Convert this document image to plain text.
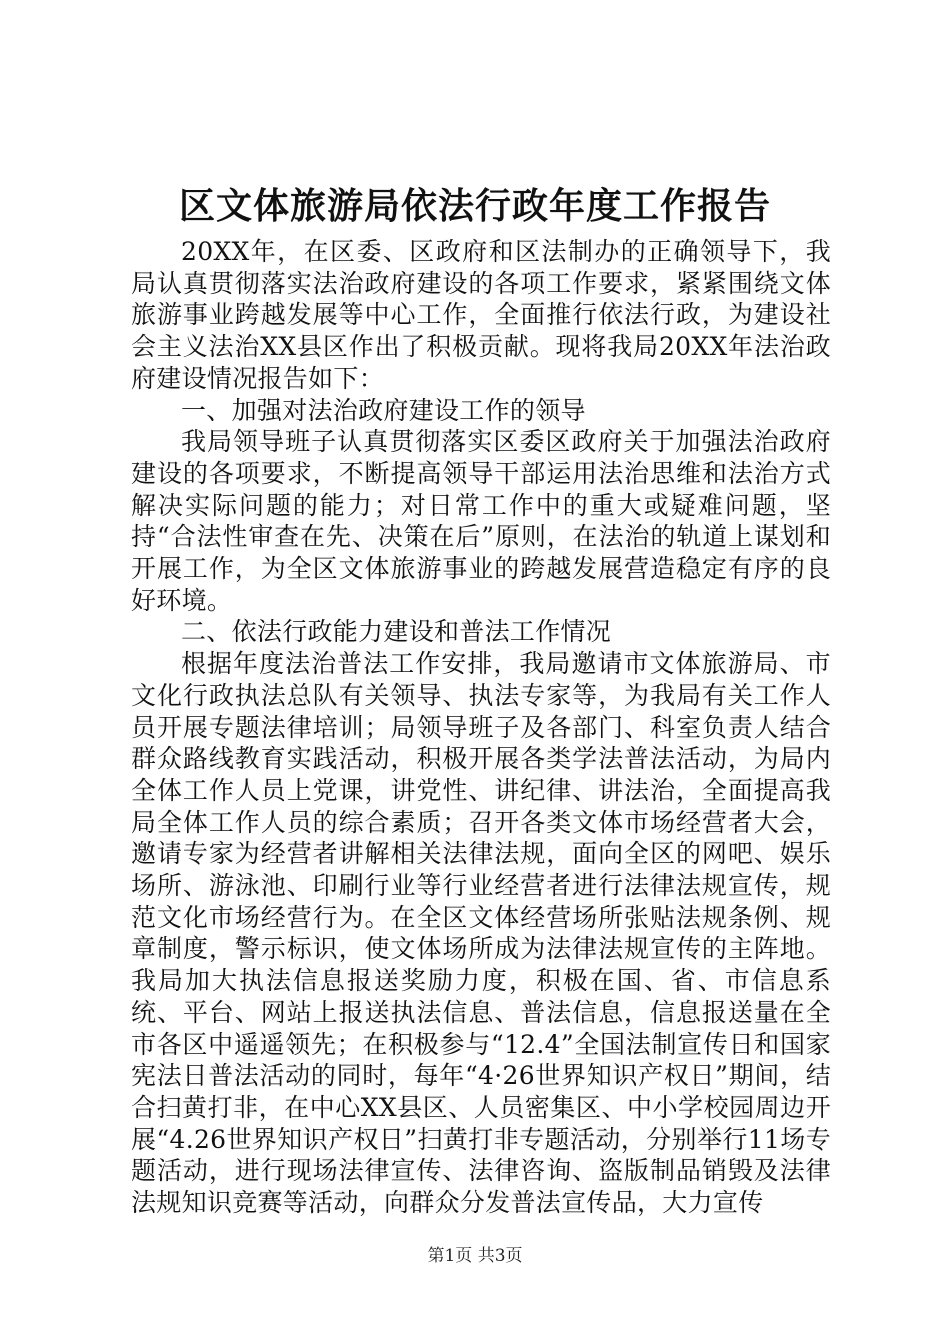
区文体旅游局依法行政年度工作报告

20XX年，在区委、区政府和区法制办的正确领导下，我局认真贯彻落实法治政府建设的各项工作要求，紧紧围绕文体旅游事业跨越发展等中心工作，全面推行依法行政，为建设社会主义法治XX县区作出了积极贡献。现将我局20XX年法治政府建设情况报告如下：

一、加强对法治政府建设工作的领导

我局领导班子认真贯彻落实区委区政府关于加强法治政府建设的各项要求，不断提高领导干部运用法治思维和法治方式解决实际问题的能力；对日常工作中的重大或疑难问题，坚持“合法性审查在先、决策在后”原则，在法治的轨道上谋划和开展工作，为全区文体旅游事业的跨越发展营造稳定有序的良好环境。

二、依法行政能力建设和普法工作情况

根据年度法治普法工作安排，我局邀请市文体旅游局、市文化行政执法总队有关领导、执法专家等，为我局有关工作人员开展专题法律培训；局领导班子及各部门、科室负责人结合群众路线教育实践活动，积极开展各类学法普法活动，为局内全体工作人员上党课，讲党性、讲纪律、讲法治，全面提高我局全体工作人员的综合素质；召开各类文体市场经营者大会，邀请专家为经营者讲解相关法律法规，面向全区的网吧、娱乐场所、游泳池、印刷行业等行业经营者进行法律法规宣传，规范文化市场经营行为。在全区文体经营场所张贴法规条例、规章制度，警示标识，使文体场所成为法律法规宣传的主阵地。我局加大执法信息报送奖励力度，积极在国、省、市信息系统、平台、网站上报送执法信息、普法信息，信息报送量在全市各区中遥遥领先；在积极参与“12.4”全国法制宣传日和国家宪法日普法活动的同时，每年“4·26世界知识产权日”期间，结合扫黄打非，在中心XX县区、人员密集区、中小学校园周边开展“4.26世界知识产权日”扫黄打非专题活动，分别举行11场专题活动，进行现场法律宣传、法律咨询、盗版制品销毁及法律法规知识竞赛等活动，向群众分发普法宣传品，大力宣传

第1页 共3页
